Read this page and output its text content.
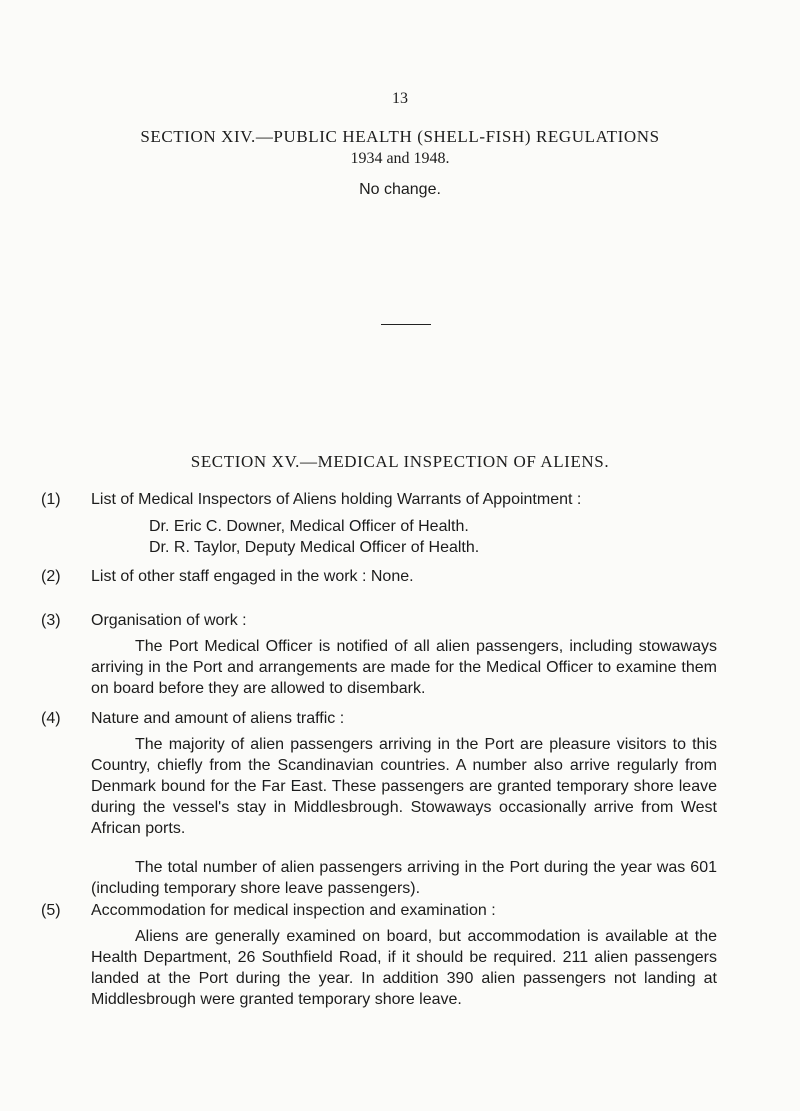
13
SECTION XIV.—PUBLIC HEALTH (SHELL-FISH) REGULATIONS
1934 and 1948.
No change.
SECTION XV.—MEDICAL INSPECTION OF ALIENS.
(1) List of Medical Inspectors of Aliens holding Warrants of Appointment :
Dr. Eric C. Downer, Medical Officer of Health.
Dr. R. Taylor, Deputy Medical Officer of Health.
(2) List of other staff engaged in the work : None.
(3) Organisation of work :

The Port Medical Officer is notified of all alien passengers, including stowaways arriving in the Port and arrangements are made for the Medical Officer to examine them on board before they are allowed to disembark.

(4) Nature and amount of aliens traffic :

The majority of alien passengers arriving in the Port are pleasure visitors to this Country, chiefly from the Scandinavian countries. A number also arrive regularly from Denmark bound for the Far East. These passengers are granted temporary shore leave during the vessel's stay in Middlesbrough. Stowaways occasionally arrive from West African ports.

The total number of alien passengers arriving in the Port during the year was 601 (including temporary shore leave passengers).

(5) Accommodation for medical inspection and examination :

Aliens are generally examined on board, but accommodation is available at the Health Department, 26 Southfield Road, if it should be required. 211 alien passengers landed at the Port during the year. In addition 390 alien passengers not landing at Middlesbrough were granted temporary shore leave.
